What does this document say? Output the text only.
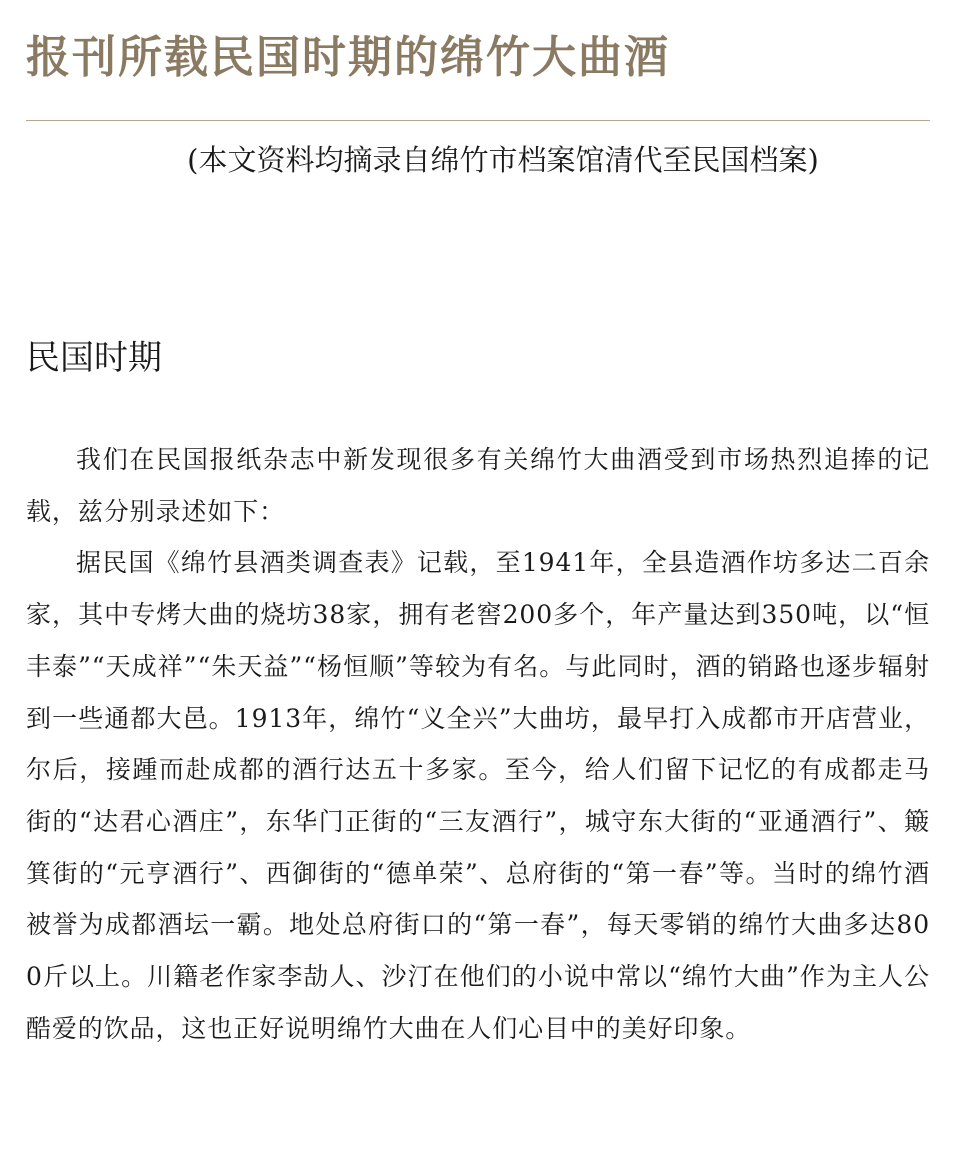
报刊所载民国时期的绵竹大曲酒

(本文资料均摘录自绵竹市档案馆清代至民国档案)

民国时期

我们在民国报纸杂志中新发现很多有关绵竹大曲酒受到市场热烈追捧的记载，兹分别录述如下：

据民国《绵竹县酒类调查表》记载，至1941年，全县造酒作坊多达二百余家，其中专烤大曲的烧坊38家，拥有老窖200多个，年产量达到350吨，以“恒丰泰”“天成祥”“朱天益”“杨恒顺”等较为有名。与此同时，酒的销路也逐步辐射到一些通都大邑。1913年，绵竹“义全兴”大曲坊，最早打入成都市开店营业，尔后，接踵而赴成都的酒行达五十多家。至今，给人们留下记忆的有成都走马街的“达君心酒庄”，东华门正街的“三友酒行”，城守东大街的“亚通酒行”、簸箕街的“元亨酒行”、西御街的“德单荣”、总府街的“第一春”等。当时的绵竹酒被誉为成都酒坛一霸。地处总府街口的“第一春”，每天零销的绵竹大曲多达800斤以上。川籍老作家李劼人、沙汀在他们的小说中常以“绵竹大曲”作为主人公酷爱的饮品，这也正好说明绵竹大曲在人们心目中的美好印象。
